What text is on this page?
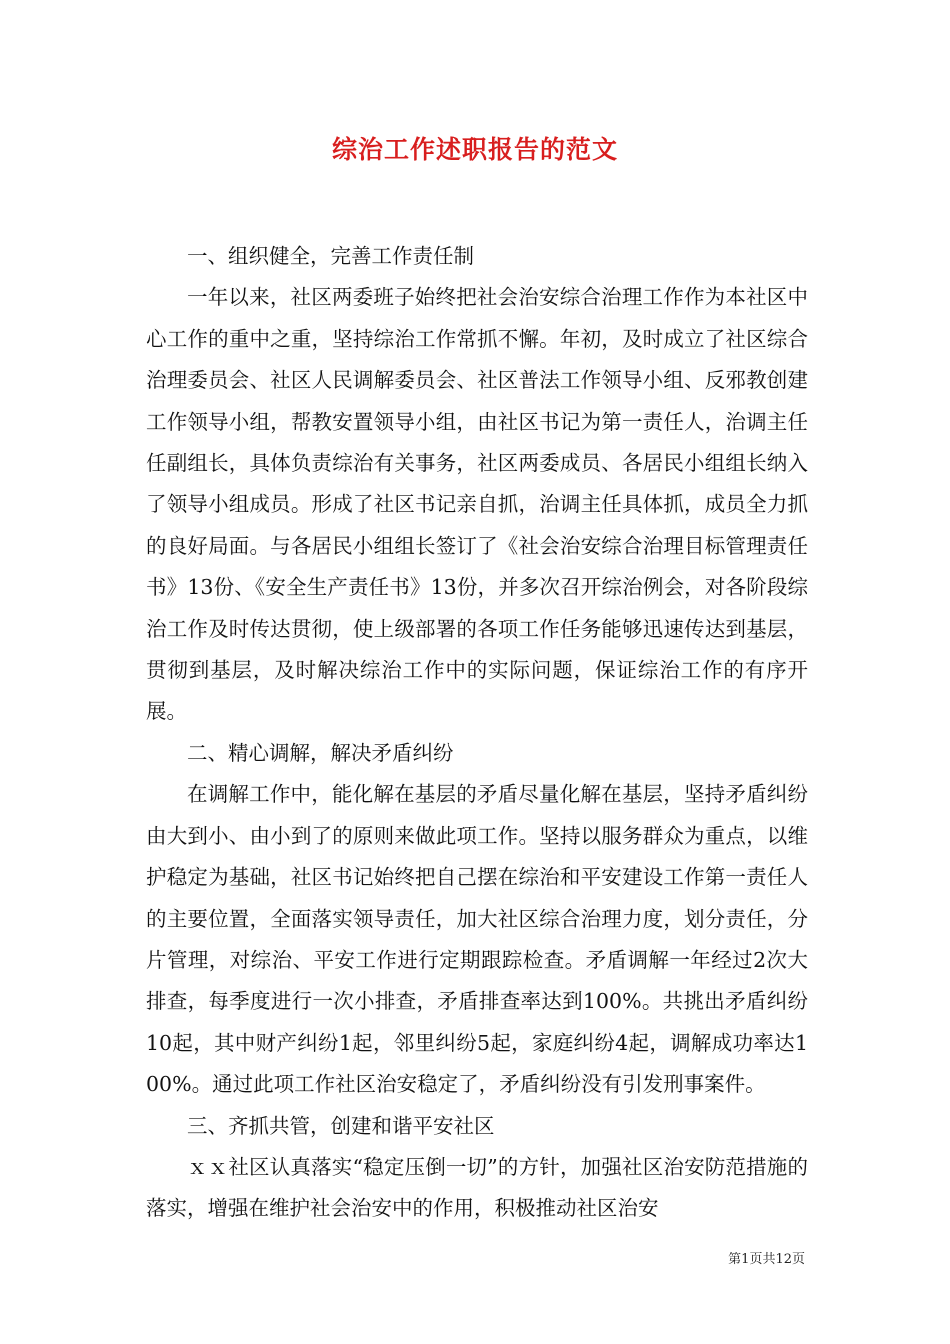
综治工作述职报告的范文

一、组织健全，完善工作责任制

一年以来，社区两委班子始终把社会治安综合治理工作作为本社区中心工作的重中之重，坚持综治工作常抓不懈。年初，及时成立了社区综合治理委员会、社区人民调解委员会、社区普法工作领导小组、反邪教创建工作领导小组，帮教安置领导小组，由社区书记为第一责任人，治调主任任副组长，具体负责综治有关事务，社区两委成员、各居民小组组长纳入了领导小组成员。形成了社区书记亲自抓，治调主任具体抓，成员全力抓的良好局面。与各居民小组组长签订了《社会治安综合治理目标管理责任书》13份、《安全生产责任书》13份，并多次召开综治例会，对各阶段综治工作及时传达贯彻，使上级部署的各项工作任务能够迅速传达到基层，贯彻到基层，及时解决综治工作中的实际问题，保证综治工作的有序开展。

二、精心调解，解决矛盾纠纷

在调解工作中，能化解在基层的矛盾尽量化解在基层，坚持矛盾纠纷由大到小、由小到了的原则来做此项工作。坚持以服务群众为重点，以维护稳定为基础，社区书记始终把自己摆在综治和平安建设工作第一责任人的主要位置，全面落实领导责任，加大社区综合治理力度，划分责任，分片管理，对综治、平安工作进行定期跟踪检查。矛盾调解一年经过2次大排查，每季度进行一次小排查，矛盾排查率达到100%。共挑出矛盾纠纷10起，其中财产纠纷1起，邻里纠纷5起，家庭纠纷4起，调解成功率达100%。通过此项工作社区治安稳定了，矛盾纠纷没有引发刑事案件。

三、齐抓共管，创建和谐平安社区

ｘｘ社区认真落实“稳定压倒一切”的方针，加强社区治安防范措施的落实，增强在维护社会治安中的作用，积极推动社区治安

第1页共12页
